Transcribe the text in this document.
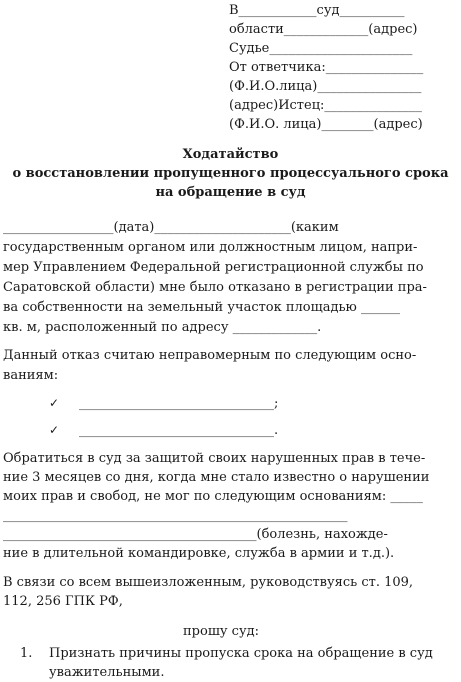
В____________суд__________
области_____________(адрес)
Судье______________________
От ответчика:_______________
(Ф.И.О.лица)________________
(адрес)Истец:_______________
(Ф.И.О. лица)________(адрес)
Ходатайство
о восстановлении пропущенного процессуального срока
на обращение в суд
_________________(дата)_____________________(каким
государственным органом или должностным лицом, напри-
мер Управлением Федеральной регистрационной службы по
Саратовской области) мне было отказано в регистрации пра-
ва собственности на земельный участок площадью ______
кв. м, расположенный по адресу _____________.
Данный отказ считаю неправомерным по следующим осно-
ваниям:
✓ ______________________________;
✓ ______________________________.
Обратиться в суд за защитой своих нарушенных прав в тече-
ние 3 месяцев со дня, когда мне стало известно о нарушении
моих прав и свобод, не мог по следующим основаниям: _____
_____________________________________________________
_______________________________________(болезнь, нахожде-
ние в длительной командировке, служба в армии и т.д.).
В связи со всем вышеизложенным, руководствуясь ст. 109,
112, 256 ГПК РФ,
прошу суд:
1. Признать причины пропуска срока на обращение в суд
уважительными.
